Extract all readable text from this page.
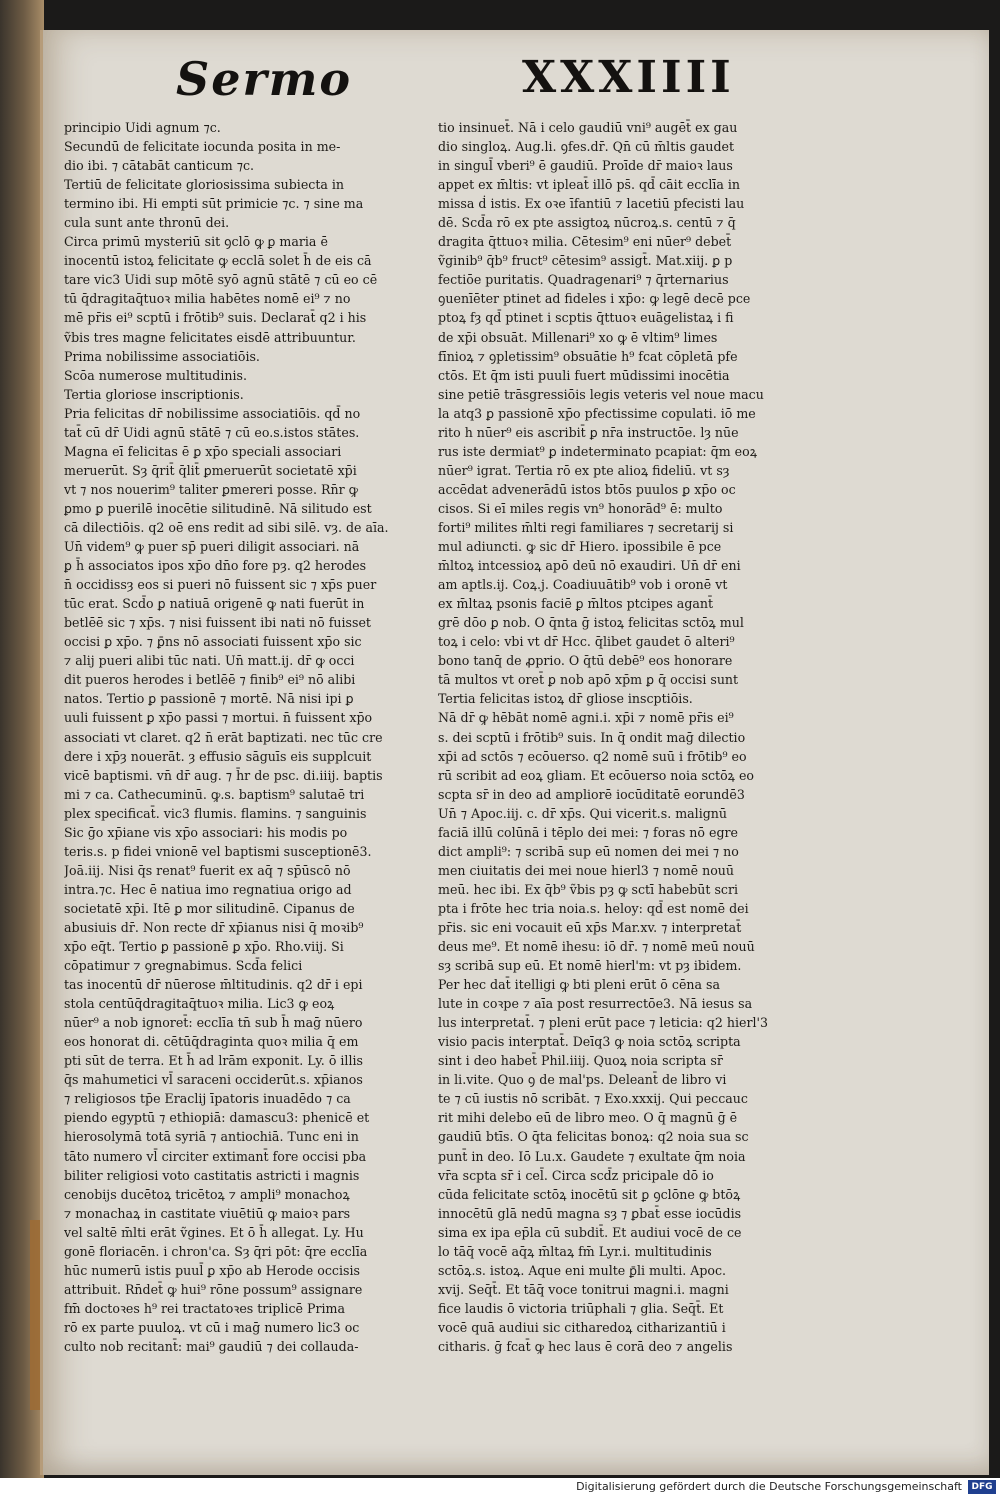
Sermo	XXXIIII
principio Uidi agnum ⁊c.
Secundū de felicitate iocunda posita in me-
dio ibi. ⁊ cātabāt canticum ⁊c.
Tertiū de felicitate gloriosissima subiecta in
termino ibi. Hi empti sūt primicie ⁊c. ⁊ sine ma
cula sunt ante thronū dei.
Circa primū mysteriū sit ꝯclō ꝙ ꝑ maria ē
inocentū istoꝝ felicitate ꝙ ecclā solet h̄ de eis cā
tare vic3 Uidi sup mōtē syō agnū stātē ⁊ cū eo cē
tū q̄dragitaq̄tuoꝛ milia habētes nomē ei⁹ ⁊ no
mē pr̄is ei⁹ scptū i frōtib⁹ suis. Declarat̄ q2 i his
ṽbis tres magne felicitates eisdē attribuuntur.
Prima nobilissime associatiōis.
Scōa numerose multitudinis.
Tertia gloriose inscriptionis.
Pria felicitas dr̄ nobilissime associatiōis. qd̄ no
tat̄ cū dr̄ Uidi agnū stātē ⁊ cū eo.s.istos stātes.
Magna eī felicitas ē ꝑ xp̄o speciali associari
meruerūt. Sȝ q̄rit̄ q̄lit̄ ꝑmeruerūt societatē xp̄i
vt ⁊ nos nouerim⁹ taliter ꝑmereri posse. Rn̄r ꝙ
ꝑmo ꝑ puerilē inocētie silitudinē. Nā silitudo est
cā dilectiōis. q2 oē ens redit ad sibi silē. vȝ. de aīa.
Un̄ videm⁹ ꝙ puer sp̄ pueri diligit associari. nā
ꝑ h̄ associatos ipos xp̄o dn̄o fore pȝ. q2 herodes
n̄ occidissȝ eos si pueri nō fuissent sic ⁊ xp̄s puer
tūc erat. Scd̄o ꝑ natiuā origenē ꝙ nati fuerūt in
betlēē sic ⁊ xp̄s. ⁊ nisi fuissent ibi nati nō fuisset
occisi ꝑ xp̄o. ⁊ ꝑ̄ns nō associati fuissent xp̄o sic
⁊ alij pueri alibi tūc nati. Un̄ matt.ij. dr̄ ꝙ occi
dit pueros herodes i betlēē ⁊ finib⁹ ei⁹ nō alibi
natos. Tertio ꝑ passionē ⁊ mortē. Nā nisi ipi ꝑ
uuli fuissent ꝑ xp̄o passi ⁊ mortui. n̄ fuissent xp̄o
associati vt claret. q2 n̄ erāt baptizati. nec tūc cre
dere i xp̄ȝ nouerāt. ȝ effusio sāguīs eis supplcuit
vicē baptismi. vn̄ dr̄ aug. ⁊ h̄r de psc. di.iiij. baptis
mi ⁊ ca. Cathecuminū. ꝙ.s. baptism⁹ salutaē tri
plex specificat̄. vic3 flumis. flamins. ⁊ sanguinis
Sic ḡo xp̄iane vis xp̄o associari: his modis po
teris.s. p fidei vnionē vel baptismi susceptionē3.
Joā.iij. Nisi q̄s renat⁹ fuerit ex aq̄ ⁊ sp̄ūscō nō
intra.⁊c. Hec ē natiua imo regnatiua origo ad
societatē xp̄i. Itē ꝑ mor silitudinē. Cipanus de
abusiuis dr̄. Non recte dr̄ xp̄ianus nisi q̄ moꝛib⁹
xp̄o eq̄t. Tertio ꝑ passionē ꝑ xp̄o. Rho.viij. Si
cōpatimur ⁊ ꝯregnabimus. Scd̄a felici
tas inocentū dr̄ nūerose m̄ltitudinis. q2 dr̄ i epi
stola centūq̄dragitaq̄tuoꝛ milia. Lic3 ꝙ eoꝝ
nūer⁹ a nob ignoret̄: ecclīa tn̄ sub h̄ maḡ nūero
eos honorat di. cētūq̄draginta quoꝛ milia q̄ em
pti sūt de terra. Et h̄ ad lrām exponit. Ly. ō illis
q̄s mahumetici vl̄ saraceni occiderūt.s. xp̄ianos
⁊ religiosos tp̄e Eraclij īpatoris inuadēdo ⁊ ca
piendo egyptū ⁊ ethiopiā: damascu3: phenicē et
hierosolymā totā syriā ⁊ antiochiā. Tunc eni in
tāto numero vl̄ circiter extimant̄ fore occisi pba
biliter religiosi voto castitatis astricti i magnis
cenobijs ducētoꝝ tricētoꝝ ⁊ ampli⁹ monachoꝝ
⁊ monachaꝝ in castitate viuētiū ꝙ maioꝛ pars
vel saltē m̄lti erāt ṽgines. Et ō h̄ allegat. Ly. Hu
gonē floriacēn. i chron'ca. Sȝ q̄ri pōt: q̄re ecclīa
hūc numerū istis puul̄ ꝑ xp̄o ab Herode occisis
attribuit. Rn̄det̄ ꝙ hui⁹ rōne possum⁹ assignare
fm̄ doctoꝛes h⁹ rei tractatoꝛes triplicē Prima
rō ex parte puuloꝝ. vt cū i maḡ numero lic3 oc
culto nob recitant̄: mai⁹ gaudiū ⁊ dei collauda-
tio insinuet̄. Nā i celo gaudiū vni⁹ augēt̄ ex gau
dio singloꝝ. Aug.li. ꝯfes.dr̄. Qn̄ cū m̄ltis gaudet
in singul̄ vberi⁹ ē gaudiū. Proīde dr̄ maioꝛ laus
appet ex m̄ltis: vt ipleat̄ illō ps̄. qd̄ cāit ecclīa in
missa ḋ istis. Ex oꝛe īfantiū ⁊ lacetiū pfecisti lau
dē. Scd̄a rō ex pte assigtoꝝ nūcroꝝ.s. centū ⁊ q̄
dragita q̄ttuoꝛ milia. Cētesim⁹ eni nūer⁹ debet̄
ṽginib⁹ q̄b⁹ fruct⁹ cētesim⁹ assigt̄. Mat.xiij. ꝑ p
fectiōe puritatis. Quadragenari⁹ ⁊ q̄rternarius
ꝯuenīēter ptinet ad fideles i xp̄o: ꝙ legē decē pce
ptoꝝ fȝ qd̄ ptinet i scptis q̄ttuoꝛ euāgelistaꝝ i fi
de xp̄i obsuāt. Millenari⁹ xo ꝙ ē vltim⁹ limes
fīnioꝝ ⁊ ꝯpletissim⁹ obsuātie h⁹ fcat cōpletā pfe
ctōs. Et q̄m isti puuli fuert mūdissimi inocētia
sine petiē trāsgressiōis legis veteris vel noue macu
la atq3 ꝑ passionē xp̄o pfectissime copulati. iō me
rito h nūer⁹ eis ascribit̄ ꝑ nr̄a instructōe. lȝ nūe
rus iste dermiat⁹ ꝑ indeterminato pcapiat: q̄m eoꝝ
nūer⁹ igrat. Tertia rō ex pte alioꝝ fideliū. vt sȝ
accēdat advenerādū istos btōs puulos ꝑ xp̄o oc
cisos. Si eī miles regis vn⁹ honorād⁹ ē: multo
forti⁹ milites m̄lti regi familiares ⁊ secretarij si
mul adiuncti. ꝙ sic dr̄ Hiero. ipossibile ē pce
m̄ltoꝝ intcessioꝝ apō deū nō exaudiri. Un̄ dr̄ eni
am aptls.ij. Coꝝ.j. Coadiuuātib⁹ vob i oronē vt
ex m̄ltaꝝ psonis faciē ꝑ m̄ltos ptcipes agant̄
grē dōo ꝑ nob. O q̄nta ḡ istoꝝ felicitas sctōꝝ mul
toꝝ i celo: vbi vt dr̄ Hcc. q̄libet gaudet ō alteri⁹
bono tanq̄ de ꝓprio. O q̄tū debē⁹ eos honorare
tā multos vt oret̄ ꝑ nob apō xp̄m ꝑ q̄ occisi sunt
Tertia felicitas istoꝝ dr̄ gliose inscptiōis.
Nā dr̄ ꝙ hēbāt nomē agni.i. xp̄i ⁊ nomē pr̄is ei⁹
s. dei scptū i frōtib⁹ suis. In q̄ ondit maḡ dilectio
xp̄i ad sctōs ⁊ ecōuerso. q2 nomē suū i frōtib⁹ eo
rū scribit ad eoꝝ gliam. Et ecōuerso noia sctōꝝ eo
scpta sr̄ in deo ad ampliorē iocūditatē eorundē3
Un̄ ⁊ Apoc.iij. c. dr̄ xp̄s. Qui vicerit.s. malignū
faciā illū colūnā i tēplo dei mei: ⁊ foras nō egre
dict ampli⁹: ⁊ scribā sup eū nomen dei mei ⁊ no
men ciuitatis dei mei noue hierl3 ⁊ nomē nouū
meū. hec ibi. Ex q̄b⁹ ṽbis pȝ ꝙ sctī habebūt scri
pta i frōte hec tria noia.s. heloy: qd̄ est nomē dei
pr̄is. sic eni vocauit eū xp̄s Mar.xv. ⁊ interpretat̄
deus me⁹. Et nomē ihesu: iō dr̄. ⁊ nomē meū nouū
sȝ scribā sup eū. Et nomē hierl'm: vt pȝ ibidem.
Per hec dat̄ itelligi ꝙ bti pleni erūt ō cēna sa
lute in coꝛpe ⁊ aīa post resurrectōe3. Nā iesus sa
lus interpretat̄. ⁊ pleni erūt pace ⁊ leticia: q2 hierl'3
visio pacis interptat̄. Deīq3 ꝙ noia sctōꝝ scripta
sint i deo habet̄ Phil.iiij. Quoꝝ noia scripta sr̄
in li.vite. Quo ꝯ de mal'ps. Deleant̄ de libro vi
te ⁊ cū iustis nō scribāt. ⁊ Exo.xxxij. Qui peccauc
rit mihi delebo eū de libro meo. O q̄ magnū ḡ ē
gaudiū btīs. O q̄ta felicitas bonoꝝ: q2 noia sua sc
punt̄ in deo. Iō Lu.x. Gaudete ⁊ exultate q̄m noia
vr̄a scpta sr̄ i cel̄. Circa scd̄z pricipale dō io
cūda felicitate sctōꝝ inocētū sit ꝑ ꝯclōne ꝙ btōꝝ
innocētū glā nedū magna sȝ ⁊ ꝑbat̄ esse iocūdis
sima ex ipa ep̄la cū subdit̄. Et audiui vocē de ce
lo tāq̄ vocē aq̄ꝝ m̄ltaꝝ fm̄ Lyr.i. multitudinis
sctōꝝ.s. istoꝝ. Aque eni multe ꝑ̄li multi. Apoc.
xvij. Seq̄t̄. Et tāq̄ voce tonitrui magni.i. magni
fice laudis ō victoria triūphali ⁊ glia. Seq̄t̄. Et
vocē quā audiui sic citharedoꝝ citharizantiū i
citharis. ḡ fcat̄ ꝙ hec laus ē corā deo ⁊ angelis
Digitalisierung gefördert durch die Deutsche Forschungsgemeinschaft	DFG
